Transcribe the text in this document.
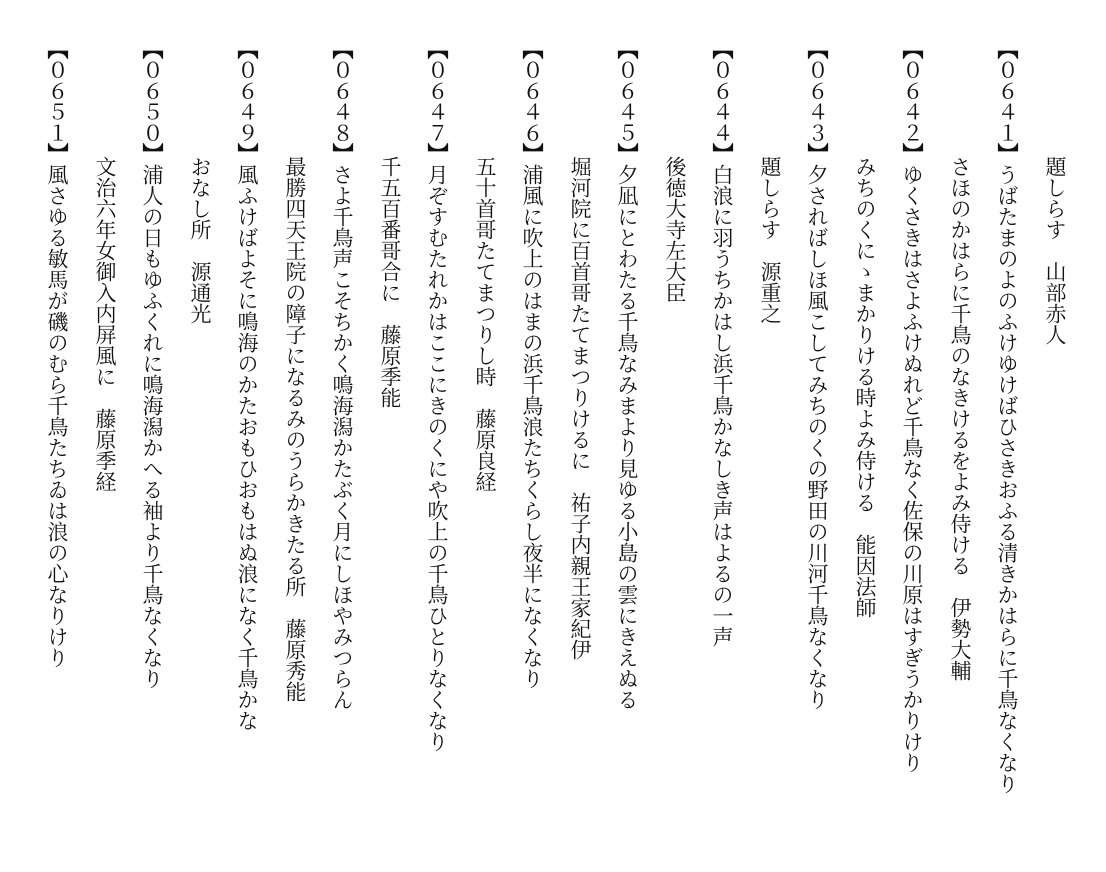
題しらす　山部赤人
【０６４１】うばたまのよのふけゆけばひさきおふる清きかはらに千鳥なくなり
さほのかはらに千鳥のなきけるをよみ侍ける　伊勢大輔
【０６４２】ゆくさきはさよふけぬれど千鳥なく佐保の川原はすぎうかりけり
みちのくにゝまかりける時よみ侍ける　能因法師
【０６４３】夕さればしほ風こしてみちのくの野田の川河千鳥なくなり
題しらす　源重之
【０６４４】白浪に羽うちかはし浜千鳥かなしき声はよるの一声
後徳大寺左大臣
【０６４５】夕凪にとわたる千鳥なみまより見ゆる小島の雲にきえぬる
堀河院に百首哥たてまつりけるに　祐子内親王家紀伊
【０６４６】浦風に吹上のはまの浜千鳥浪たちくらし夜半になくなり
五十首哥たてまつりし時　藤原良経
【０６４７】月ぞすむたれかはここにきのくにや吹上の千鳥ひとりなくなり
千五百番哥合に　藤原季能
【０６４８】さよ千鳥声こそちかく鳴海潟かたぶく月にしほやみつらん
最勝四天王院の障子になるみのうらかきたる所　藤原秀能
【０６４９】風ふけばよそに鳴海のかたおもひおもはぬ浪になく千鳥かな
おなし所　源通光
【０６５０】浦人の日もゆふくれに鳴海潟かへる袖より千鳥なくなり
文治六年女御入内屏風に　藤原季経
【０６５１】風さゆる敏馬が磯のむら千鳥たちゐは浪の心なりけり
